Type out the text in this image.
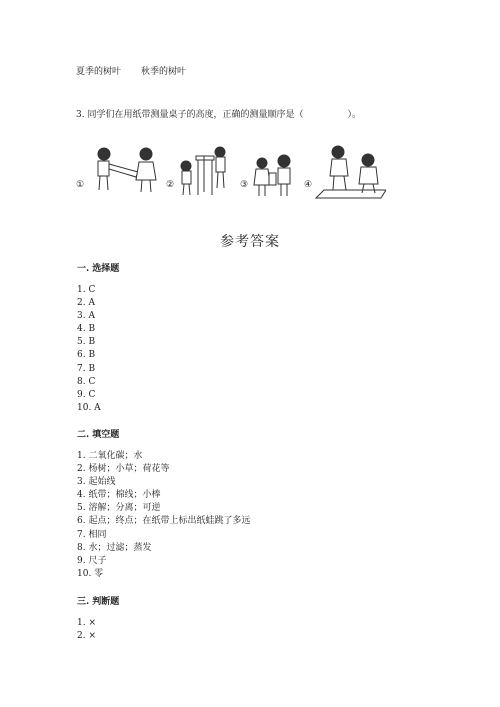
夏季的树叶 秋季的树叶
3. 同学们在用纸带测量桌子的高度，正确的测量顺序是（	）。
①	②	③	④
参考答案
一. 选择题
1. C
2. A
3. A
4. B
5. B
6. B
7. B
8. C
9. C
10. A
二. 填空题
1. 二氧化碳；水
2. 杨树；小草；荷花等
3. 起始线
4. 纸带；棉线；小棒
5. 溶解；分离；可逆
6. 起点；终点；在纸带上标出纸蛙跳了多远
7. 相同
8. 水；过滤；蒸发
9. 尺子
10. 零
三. 判断题
1. ×
2. ×
